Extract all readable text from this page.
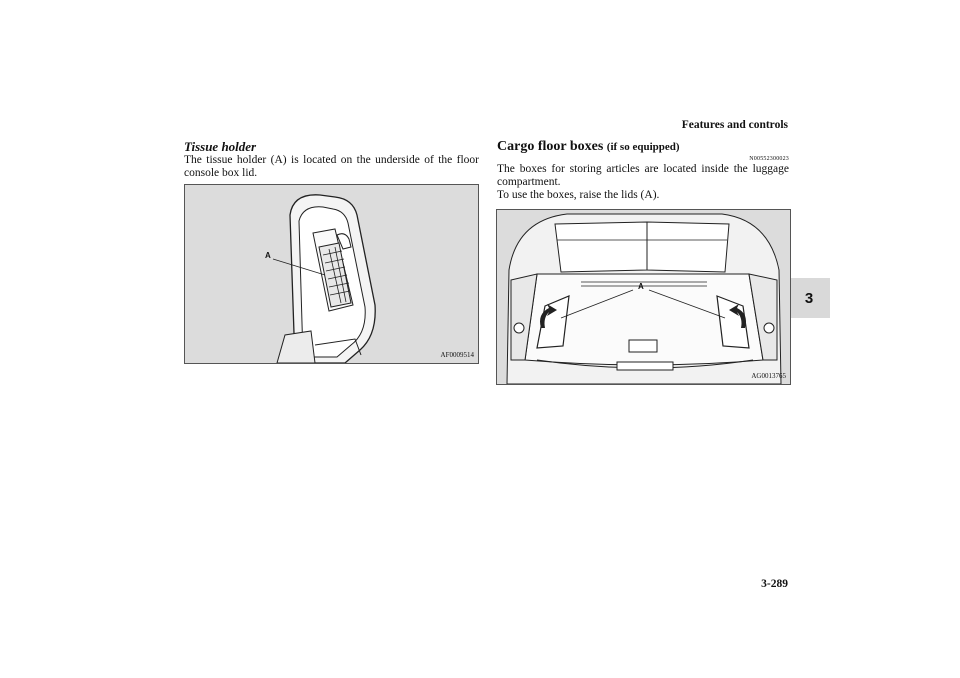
Features and controls
3
Tissue holder

The tissue holder (A) is located on the underside of the floor console box lid.

A
AF0009514
Cargo floor boxes (if so equipped)
N00552300023

The boxes for storing articles are located inside the luggage compartment.

To use the boxes, raise the lids (A).

A
AG0013765
3-289
